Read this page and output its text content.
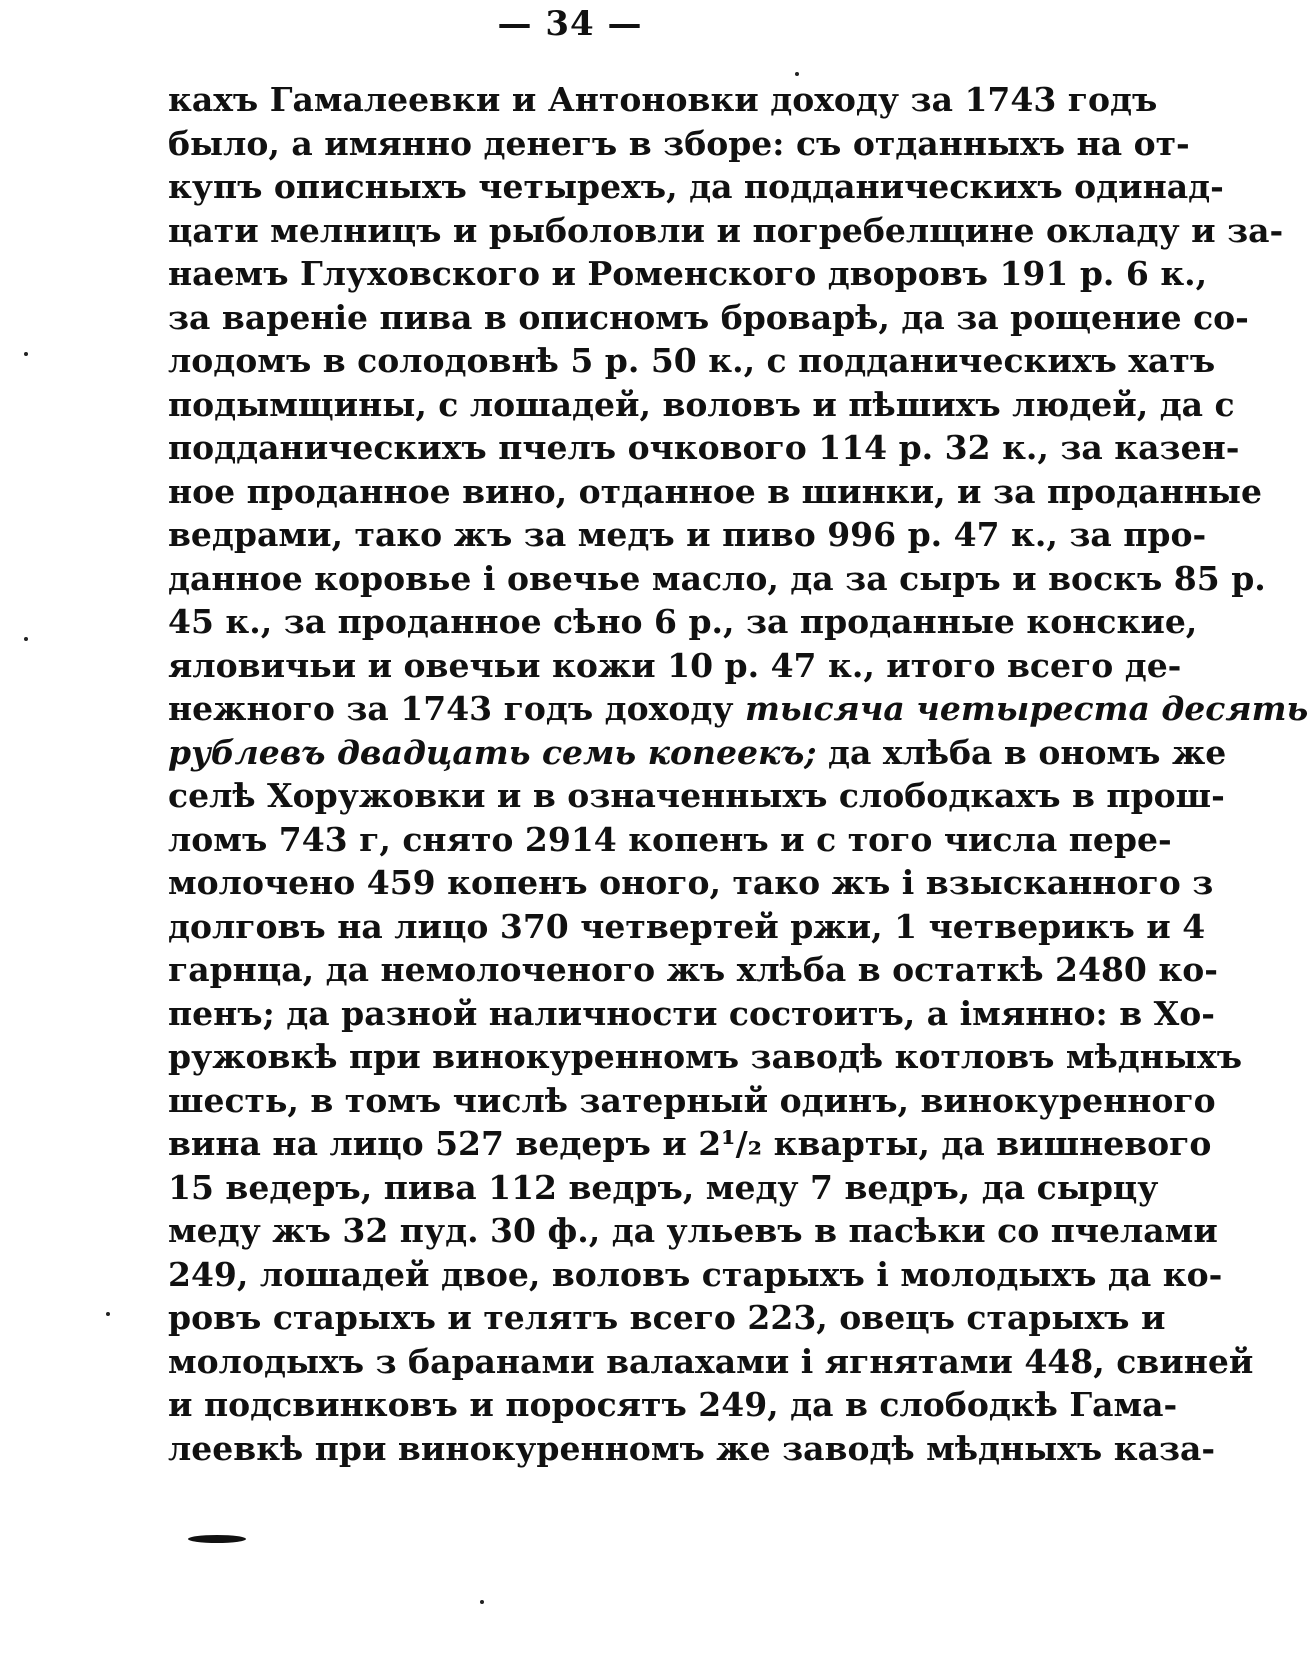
— 34 —
кахъ Гамалеевки и Антоновки доходу за 1743 годъ
было, а имянно денегъ в зборе: съ отданныхъ на от-
купъ описныхъ четырехъ, да подданическихъ одинад-
цати мелницъ и рыболовли и погребелщине окладу и за-
наемъ Глуховского и Роменского дворовъ 191 р. 6 к.,
за вареніе пива в описномъ броварѣ, да за рощение со-
лодомъ в солодовнѣ 5 р. 50 к., с подданическихъ хатъ
подымщины, с лошадей, воловъ и пѣшихъ людей, да с
подданическихъ пчелъ очкового 114 р. 32 к., за казен-
ное проданное вино, отданное в шинки, и за проданные
ведрами, тако жъ за медъ и пиво 996 р. 47 к., за про-
данное коровье і овечье масло, да за сыръ и воскъ 85 р.
45 к., за проданное сѣно 6 р., за проданные конские,
яловичьи и овечьи кожи 10 р. 47 к., итого всего де-
нежного за 1743 годъ доходу тысяча четыреста десять
рублевъ двадцать семь копеекъ; да хлѣба в ономъ же
селѣ Хоружовки и в означенныхъ слободкахъ в прош-
ломъ 743 г, снято 2914 копенъ и с того числа пере-
молочено 459 копенъ оного, тако жъ і взысканного з
долговъ на лицо 370 четвертей ржи, 1 четверикъ и 4
гарнца, да немолоченого жъ хлѣба в остаткѣ 2480 ко-
пенъ; да разной наличности состоитъ, а імянно: в Хо-
ружовкѣ при винокуренномъ заводѣ котловъ мѣдныхъ
шесть, в томъ числѣ затерный одинъ, винокуренного
вина на лицо 527 ведеръ и 2¹/₂ кварты, да вишневого
15 ведеръ, пива 112 ведръ, меду 7 ведръ, да сырцу
меду жъ 32 пуд. 30 ф., да ульевъ в пасѣки со пчелами
249, лошадей двое, воловъ старыхъ і молодыхъ да ко-
ровъ старыхъ и телятъ всего 223, овецъ старыхъ и
молодыхъ з баранами валахами і ягнятами 448, свиней
и подсвинковъ и поросятъ 249, да в слободкѣ Гама-
леевкѣ при винокуренномъ же заводѣ мѣдныхъ каза-
